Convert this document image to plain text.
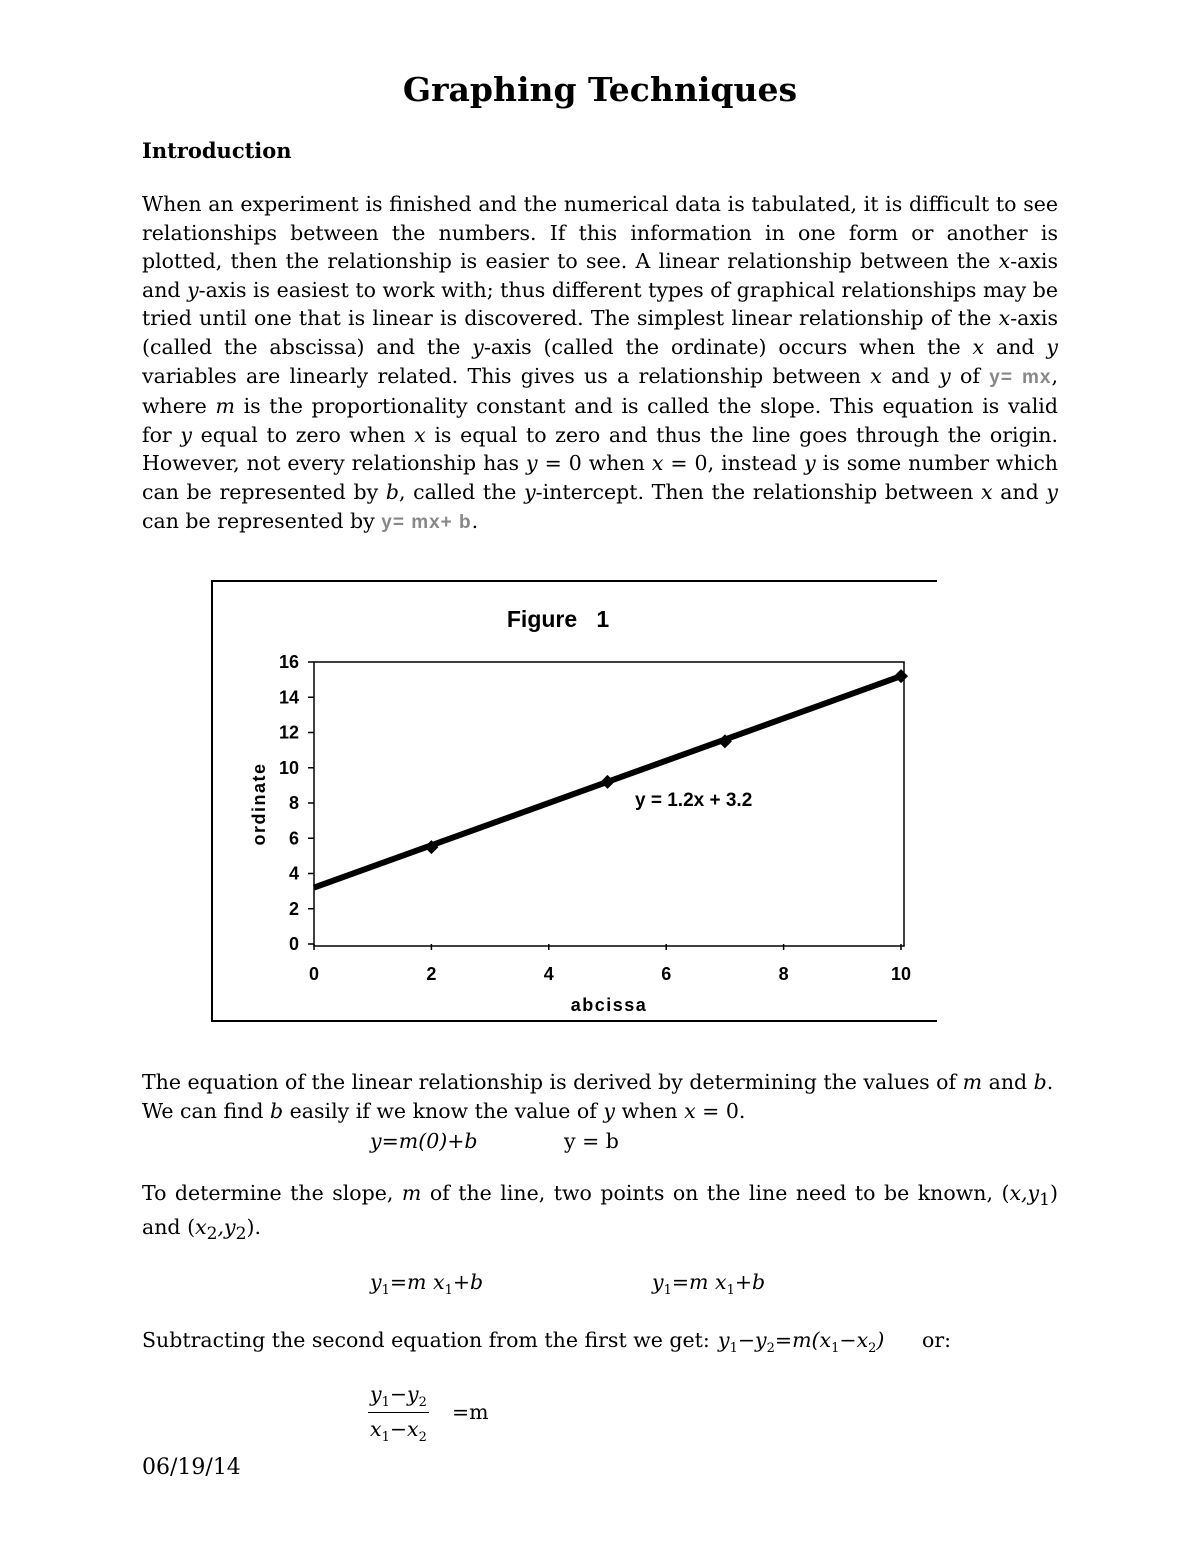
Graphing Techniques
Introduction

When an experiment is finished and the numerical data is tabulated, it is difficult to see relationships between the numbers. If this information in one form or another is plotted, then the relationship is easier to see. A linear relationship between the x-axis and y-axis is easiest to work with; thus different types of graphical relationships may be tried until one that is linear is discovered. The simplest linear relationship of the x-axis (called the abscissa) and the y-axis (called the ordinate) occurs when the x and y variables are linearly related. This gives us a relationship between x and y of y= mx, where m is the proportionality constant and is called the slope. This equation is valid for y equal to zero when x is equal to zero and thus the line goes through the origin. However, not every relationship has y = 0 when x = 0, instead y is some number which can be represented by b, called the y-intercept. Then the relationship between x and y can be represented by y= mx+ b.

Figure   1
0
2
4
6
8
10
12
14
16
0	2	4	6	8	10
ordinate
abcissa
y = 1.2x + 3.2

The equation of the linear relationship is derived by determining the values of m and b.

We can find b easily if we know the value of y when x = 0.

y=m(0)+b	y = b

To determine the slope, m of the line, two points on the line need to be known, $(x,y_1)$

and $(x_2,y_2)$.

$y_1=m$ $x_1+b$	$y_1=m$ $x_1+b$

Subtracting the second equation from the first we get: $y_1-y_2=m(x_1-x_2)$ or:
$\frac{y_1-y_2}{x_1-x_2} =m$

06/19/14
